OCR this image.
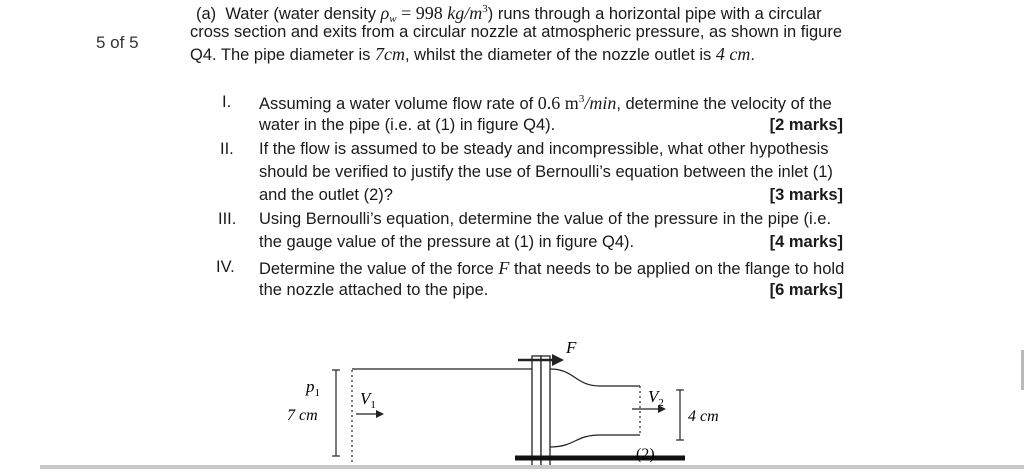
5 of 5
(a) Water (water density $\rho_w = 998$ $kg/m^3$) runs through a horizontal pipe with a circular
cross section and exits from a circular nozzle at atmospheric pressure, as shown in figure
Q4. The pipe diameter is 7cm, whilst the diameter of the nozzle outlet is 4 cm.
I. Assuming a water volume flow rate of 0.6 $m^3/\min$, determine the velocity of the
water in the pipe (i.e. at (1) in figure Q4).	[2 marks]
II. If the flow is assumed to be steady and incompressible, what other hypothesis
should be verified to justify the use of Bernoulli’s equation between the inlet (1)
and the outlet (2)?	[3 marks]
III. Using Bernoulli’s equation, determine the value of the pressure in the pipe (i.e.
the gauge value of the pressure at (1) in figure Q4).	[4 marks]
IV. Determine the value of the force F that needs to be applied on the flange to hold
the nozzle attached to the pipe.	[6 marks]
F
$p_1$
7 cm
$V_1$	$V_2$
4 cm
(2)
